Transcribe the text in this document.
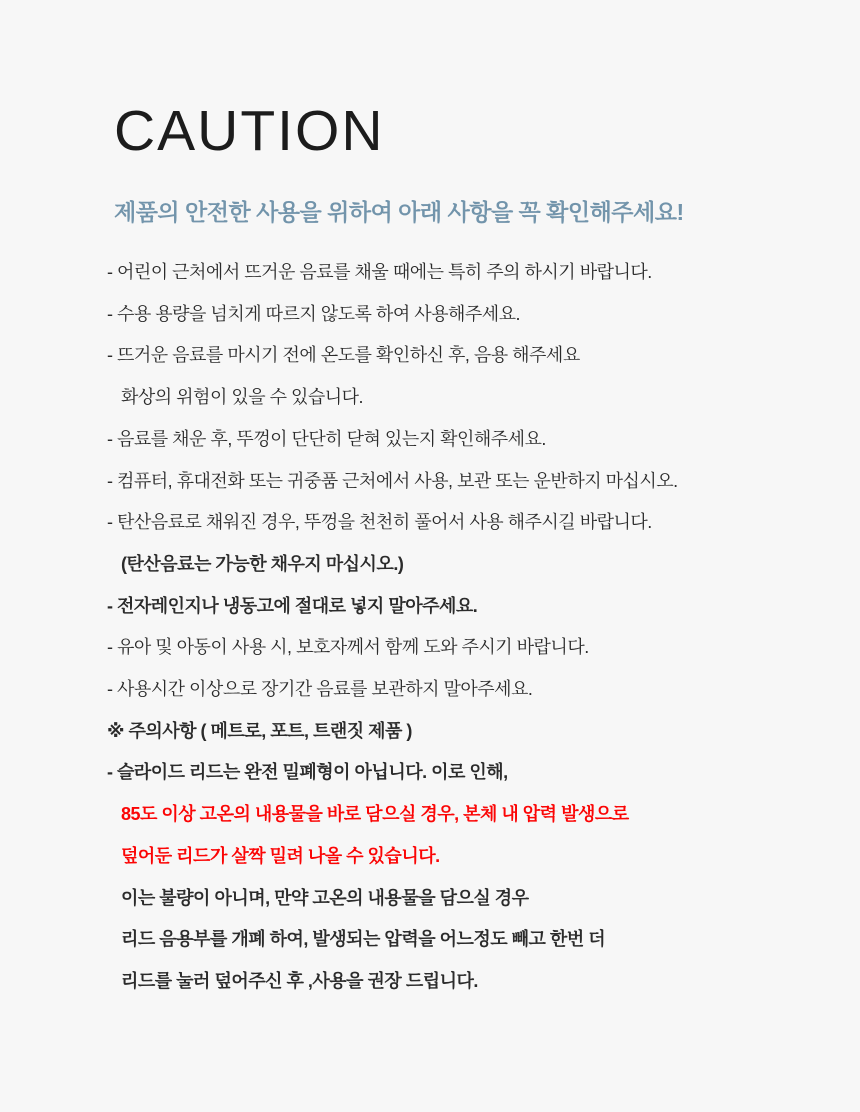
CAUTION
제품의 안전한 사용을 위하여 아래 사항을 꼭 확인해주세요!
- 어린이 근처에서 뜨거운 음료를 채울 때에는 특히 주의 하시기 바랍니다.
- 수용 용량을 넘치게 따르지 않도록 하여 사용해주세요.
- 뜨거운 음료를 마시기 전에 온도를 확인하신 후, 음용 해주세요
화상의 위험이 있을 수 있습니다.
- 음료를 채운 후, 뚜껑이 단단히 닫혀 있는지 확인해주세요.
- 컴퓨터, 휴대전화 또는 귀중품 근처에서 사용, 보관 또는 운반하지 마십시오.
- 탄산음료로 채워진 경우, 뚜껑을 천천히 풀어서 사용 해주시길 바랍니다.
(탄산음료는 가능한 채우지 마십시오.)
- 전자레인지나 냉동고에 절대로 넣지 말아주세요.
- 유아 및 아동이 사용 시, 보호자께서 함께 도와 주시기 바랍니다.
- 사용시간 이상으로 장기간 음료를 보관하지 말아주세요.
※ 주의사항 ( 메트로, 포트, 트랜짓 제품 )
- 슬라이드 리드는 완전 밀폐형이 아닙니다. 이로 인해,
85도 이상 고온의 내용물을 바로 담으실 경우, 본체 내 압력 발생으로
덮어둔 리드가 살짝 밀려 나올 수 있습니다.
이는 불량이 아니며, 만약 고온의 내용물을 담으실 경우
리드 음용부를 개폐 하여, 발생되는 압력을 어느정도 빼고 한번 더
리드를 눌러 덮어주신 후 ,사용을 권장 드립니다.
